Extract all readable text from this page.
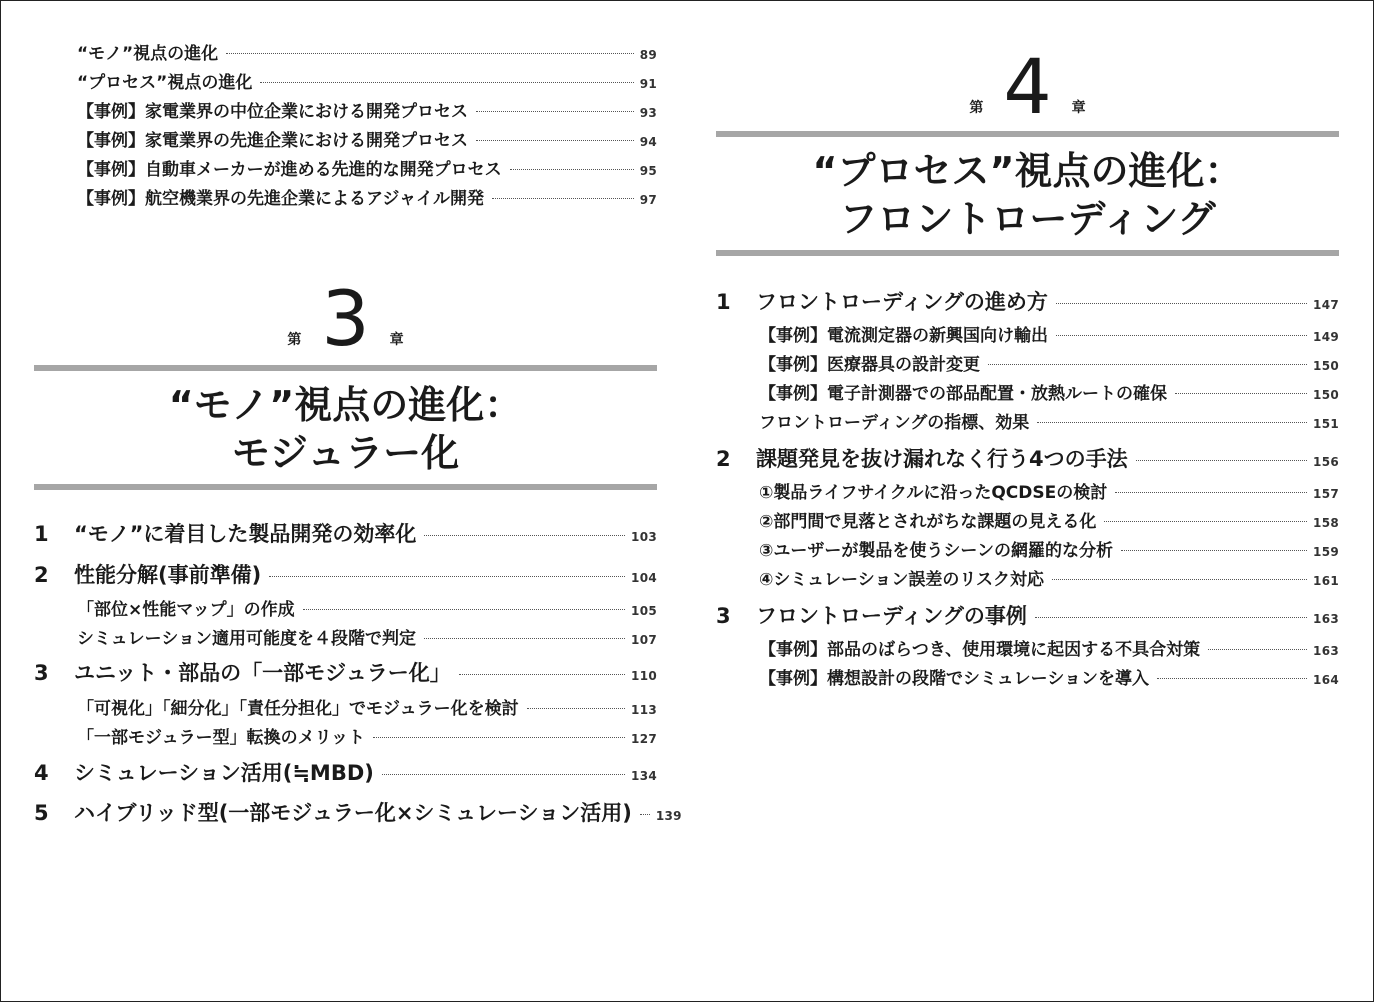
“モノ”視点の進化	89
“プロセス”視点の進化	91
【事例】家電業界の中位企業における開発プロセス	93
【事例】家電業界の先進企業における開発プロセス	94
【事例】自動車メーカーが進める先進的な開発プロセス	95
【事例】航空機業界の先進企業によるアジャイル開発	97
第 3 章
“モノ”視点の進化：
モジュラー化
1	“モノ”に着目した製品開発の効率化	103
2	性能分解(事前準備)	104
「部位×性能マップ」の作成	105
シミュレーション適用可能度を４段階で判定	107
3	ユニット・部品の「一部モジュラー化」	110
「可視化」「細分化」「責任分担化」でモジュラー化を検討	113
「一部モジュラー型」転換のメリット	127
4	シミュレーション活用(≒MBD)	134
5	ハイブリッド型(一部モジュラー化×シミュレーション活用) 139
第 4 章
“プロセス”視点の進化：
フロントローディング
1	フロントローディングの進め方	147
【事例】電流測定器の新興国向け輸出	149
【事例】医療器具の設計変更	150
【事例】電子計測器での部品配置・放熱ルートの確保	150
フロントローディングの指標、効果	151
2	課題発見を抜け漏れなく行う4つの手法	156
①製品ライフサイクルに沿ったQCDSEの検討	157
②部門間で見落とされがちな課題の見える化	158
③ユーザーが製品を使うシーンの網羅的な分析	159
④シミュレーション誤差のリスク対応	161
3	フロントローディングの事例	163
【事例】部品のばらつき、使用環境に起因する不具合対策	163
【事例】構想設計の段階でシミュレーションを導入	164
